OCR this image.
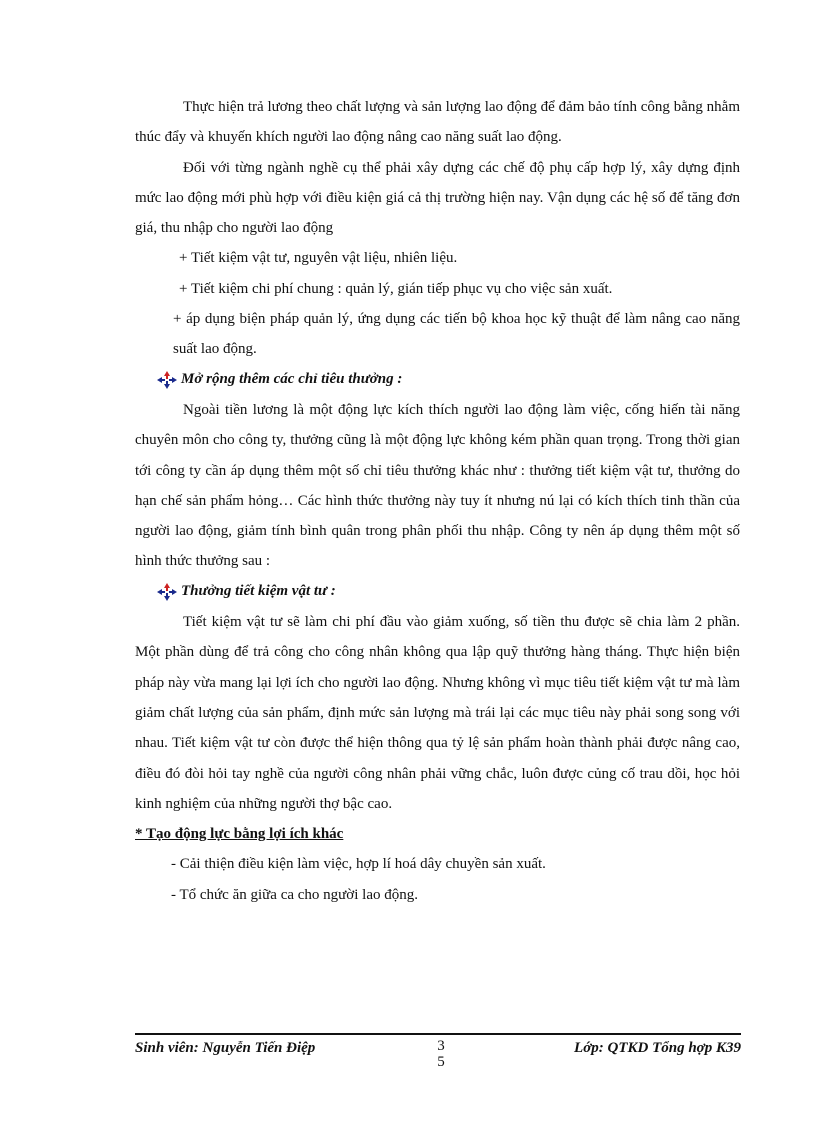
Thực hiện trả lương theo chất lượng và sản lượng lao động để đảm bảo tính công bằng nhằm thúc đẩy và khuyến khích người lao động nâng cao năng suất lao động.

Đối với từng ngành nghề cụ thể phải xây dựng các chế độ phụ cấp hợp lý, xây dựng định mức lao động mới phù hợp với điều kiện giá cả thị trường hiện nay. Vận dụng các hệ số để tăng đơn giá, thu nhập cho người lao động

+ Tiết kiệm vật tư, nguyên vật liệu, nhiên liệu.

+ Tiết kiệm chi phí chung : quản lý, gián tiếp phục vụ cho việc sản xuất.

+ áp dụng biện pháp quản lý, ứng dụng các tiến bộ khoa học kỹ thuật để làm nâng cao năng suất lao động.

Mở rộng thêm các chỉ tiêu thưởng :

Ngoài tiền lương là một động lực kích thích người lao động làm việc, cống hiến tài năng chuyên môn cho công ty, thưởng cũng là một động lực không kém phần quan trọng. Trong thời gian tới công ty cần áp dụng thêm một số chỉ tiêu thưởng khác như : thưởng tiết kiệm vật tư, thưởng do hạn chế sản phẩm hỏng… Các hình thức thưởng này tuy ít nhưng nú lại có kích thích tinh thần của người lao động, giảm tính bình quân trong phân phối thu nhập. Công ty nên áp dụng thêm một số hình thức thưởng sau :

Thưởng tiết kiệm vật tư :

Tiết kiệm vật tư sẽ làm chi phí đầu vào giảm xuống, số tiền thu được sẽ chia làm 2 phần. Một phần dùng để trả công cho công nhân không qua lập quỹ thưởng hàng tháng. Thực hiện biện pháp này vừa mang lại lợi ích cho người lao động. Nhưng không vì mục tiêu tiết kiệm vật tư mà làm giảm chất lượng của sản phẩm, định mức sản lượng mà trái lại các mục tiêu này phải song song với nhau. Tiết kiệm vật tư còn được thể hiện thông qua tỷ lệ sản phẩm hoàn thành phải được nâng cao, điều đó đòi hỏi tay nghề của người công nhân phải vững chắc, luôn được củng cố trau dồi, học hỏi kinh nghiệm của những người thợ bậc cao.

* Tạo động lực bằng lợi ích khác

- Cải thiện điều kiện làm việc, hợp lí hoá dây chuyền sản xuất.

- Tổ chức ăn giữa ca cho người lao động.

Sinh viên: Nguyễn Tiến Điệp	3
5
Lớp: QTKD Tổng hợp K39
